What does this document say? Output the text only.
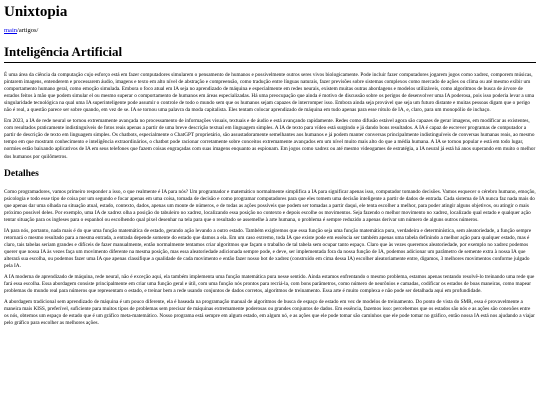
Unixtopia
main/artigos/
Inteligência Artificial

É uma área da ciência da computação cujo esforço está em fazer computadores simularem o pensamento de humanos e possivelmente outros seres vivos biologicamente. Pode incluir fazer computadores jogarem jogos como xadrez, comporem músicas, pintarem imagens, entenderem e processarem áudio, imagens e texto em alto nível de abstração e compreensão, como tradução entre línguas naturais, fazer previsões sobre sistemas complexos como mercado de ações ou clima ou até mesmo exibir um comportamento humano geral, como emoção simulada. Embora o foco atual em IA seja no aprendizado de máquina e especialmente em redes neurais, existem muitas outras abordagens e modelos utilizáveis, como algoritmos de busca de árvore de estados feitos à mão que podem simular el ou mesmo superar o comportamento de humanos em áreas especializadas. Há uma preocupação que ainda é motivo de discussão sobre os perigos de desenvolver uma IA poderosa, pois isso poderia levar a uma singularidade tecnológica na qual uma IA superinteligente pode assumir o controle de todo o mundo sem que os humanos sejam capazes de interromper isso. Embora ainda seja provável que seja um futuro distante e muitas pessoas digam que o perigo não é real, a questão parece ser sobre quando, em vez de se. IA se tornou uma palavra da moda capitalista. Eles tentam colocar aprendizado de máquina em tudo apenas para esse rótulo de IA, e, claro, para um monopólio de inchaço.

Em 2023, a IA de rede neural se tornou extremamente avançada no processamento de informações visuais, textuais e de áudio e está avançando rapidamente. Redes como difusão estável agora são capazes de gerar imagens, em modificar as existentes, com resultados praticamente indistinguíveis de fotos reais apenas a partir de uma breve descrição textual em linguagem simples. A IA de texto para vídeo está surgindo e já dando bons resultados. A IA é capaz de escrever programas de computador a partir de descrição de texto em linguagem simples. Os chatbots, especialmente o ChatGPT proprietário, são assustadoramente semelhantes aos humanos e já podem manter conversas principalmente indistinguíveis de conversas humanas reais, ao mesmo tempo em que mostram conhecimento e inteligência extraordinários, o chatbot pode racionar corretamente sobre conceitos extremamente avançados em um nível muito mais alto do que a média humana. A IA se tornou popular e está em todo lugar, normies estão baixando aplicativos de IA em seus telefones que fazem coisas engraçadas com suas imagens enquanto as espionam. Em jogos como xadrez ou até mesmo videogames de estratégia, a IA neural já está há anos superando em muito o melhor dos humanos por quilômetros.

Detalhes

Como programadores, vamos primeiro responder a isso, o que realmente é IA para nós? Um programador e matemático normalmente simplifica a IA para significar apenas isso, computador tomando decisões. Vamos esquecer o cérebro humano, emoção, psicologia e todo esse tipo de coisa por um segundo e focar apenas em uma coisa, tomada de decisão e como programar computadores para que eles tomem uma decisão inteligente a partir de dados de entrada. Cada sistema de IA nunca faz nada mais do que apenas dar uma olhada na situação atual, estado, contexto, dados, apenas um monte de números, e de todas as ações possíveis que podem ser tomadas a partir daqui, ele tenta escolher a melhor, para poder atingir alguns objetivos, ou atingir o mais próximo possível deles. Por exemplo, uma IA de xadrez olha a posição do tabuleiro no xadrez, localizando essa posição no contexto e depois escolhe os movimentos. Seja fazendo o melhor movimento no xadrez, localizado qual estado e qualquer ação tentar situação para os ingleses para o espanhol ou escolhendo qual pixel desenhar na tela para que o resultado se assemelhe à arte humana, o problema é sempre reduzido a apenas derivar um número de alguns outros números.

IA para nós, portanto, nada mais é do que uma função matemática de estado, gerando ação levando a outro estado. Também exigiremos que essa função seja uma função matemática pura, verdadeira e determinística, sem aleatoriedade, a função sempre retornará o mesmo resultado para a mesma entrada, a entrada depende somente do estado que damos a ela. Em um caso extremo, toda IA que existe pode em essência ser também apenas uma tabela definindo a melhor ação para qualquer estado, mas é claro, tais tabelas seriam grandes e difíceis de fazer manualmente, então normalmente tentamos criar algoritmos que façam o trabalho de tal tabela sem ocupar tanto espaço. Claro que às vezes queremos aleatoriedade, por exemplo no xadrez podemos querer que nossa IA às vezes faça um movimento diferente na mesma posição, mas essa aleatoriedade adicionada sempre pode, e deve, ser implementada fora da nossa função de IA, podemos adicionar um parâmetro de semente extra à nossa IA que alterará sua escolha, ou podemos fazer uma IA que apenas classifique a qualidade de cada movimento e então fazer nosso bot de xadrez (construído em cima dessa IA) escolher aleatoriamente entre, digamos, 3 melhores movimentos conforme julgado pela IA.

A IA moderna de aprendizado de máquina, rede neural, não é exceção aqui, ela também implementa uma função matemática pura nesse sentido. Ainda estamos enfrentando o mesmo problema, estamos apenas tentando resolvê-lo treinando uma rede que fará essa escolha. Essa abordagem consiste principalmente em criar uma função geral e útil, com uma função nós prontos para recriá-la, com bons parâmetros, como número de neurônios e camadas, codificar os estados de boas maneiras, como mapear problemas do mundo real para números que representam o estado, e treinar bem a rede usando conjuntos de dados corretos, algoritmos de treinamento. Essa arte é muito complexa e não pode ser detalhada aqui em profundidade.

A abordagem tradicional sem aprendizado de máquina é um pouco diferente, ela é baseada na programação manual de algoritmos de busca de espaço de estado em vez de modelos de treinamento. Do ponto de vista do SMR, essa é provavelmente a maneira mais KISS, preferível, suficiente para muitos tipos de problemas sem precisar de máquinas extremamente poderosas ou grandes conjuntos de dados. Em essência, fazemos isso: percebemos que os estados são nós e as ações são conexões entre os nós, obtemos um espaço de estado que é um gráfico meta-matemático. Nosso programa está sempre em algum estado, em algum nó, e as ações que ele pode tomar são caminhos que ele pode tomar no gráfico, então nossa IA está nos ajudando a viajar pelo gráfico para escolher as melhores ações.
